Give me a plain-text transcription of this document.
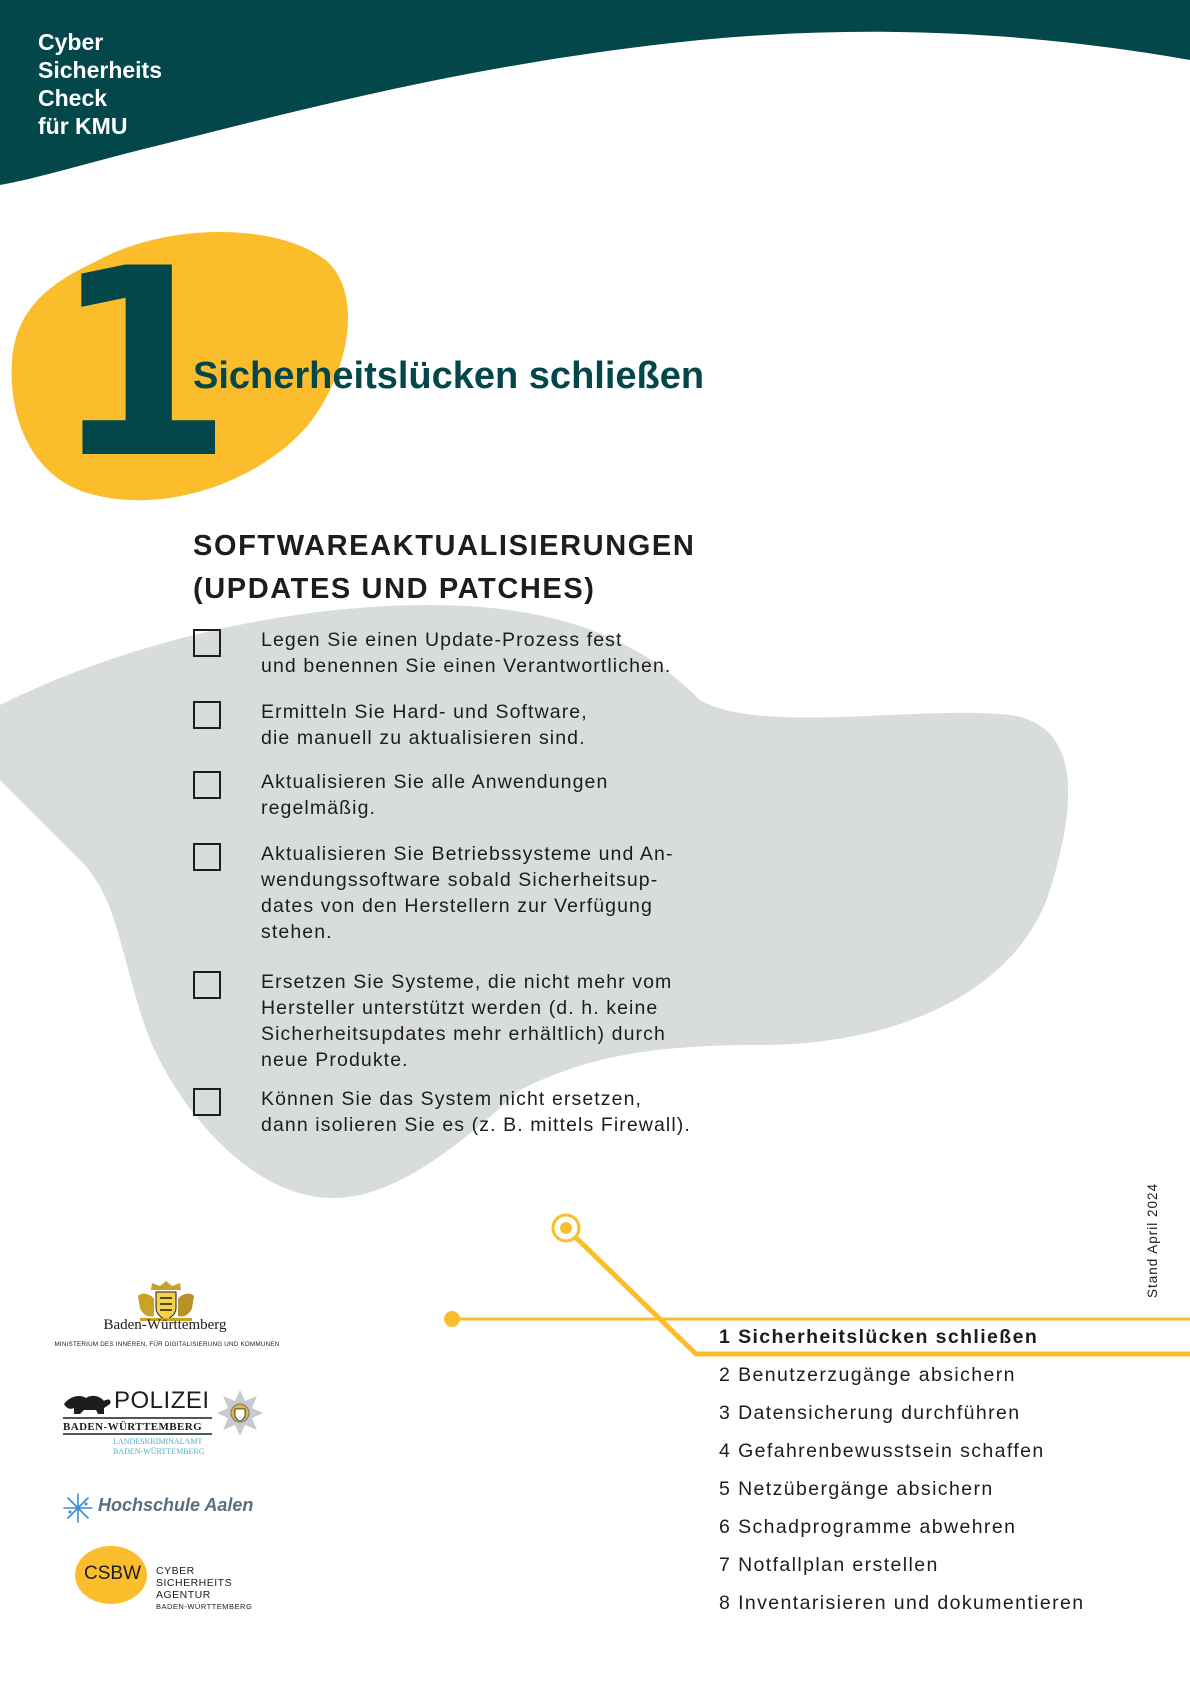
Cyber
Sicherheits
Check
für KMU
1
Sicherheitslücken schließen
SOFTWAREAKTUALISIERUNGEN
(UPDATES UND PATCHES)
Legen Sie einen Update-Prozess fest
und benennen Sie einen Verantwortlichen.
Ermitteln Sie Hard- und Software,
die manuell zu aktualisieren sind.
Aktualisieren Sie alle Anwendungen
regelmäßig.
Aktualisieren Sie Betriebssysteme und An-
wendungssoftware sobald Sicherheitsup-
dates von den Herstellern zur Verfügung
stehen.
Ersetzen Sie Systeme, die nicht mehr vom
Hersteller unterstützt werden (d. h. keine
Sicherheitsupdates mehr erhältlich) durch
neue Produkte.
Können Sie das System nicht ersetzen,
dann isolieren Sie es (z. B. mittels Firewall).
Stand April 2024
1 Sicherheitslücken schließen
2 Benutzerzugänge absichern
3 Datensicherung durchführen
4 Gefahrenbewusstsein schaffen
5 Netzübergänge absichern
6 Schadprogramme abwehren
7 Notfallplan erstellen
8 Inventarisieren und dokumentieren
Baden-Württemberg
MINISTERIUM DES INNEREN, FÜR DIGITALISIERUNG UND KOMMUNEN
POLIZEI
BADEN-WÜRTTEMBERG
LANDESKRIMINALAMT
BADEN-WÜRTTEMBERG
Hochschule Aalen
CSBW CYBER
SICHERHEITS
AGENTUR
BADEN-WÜRTTEMBERG
